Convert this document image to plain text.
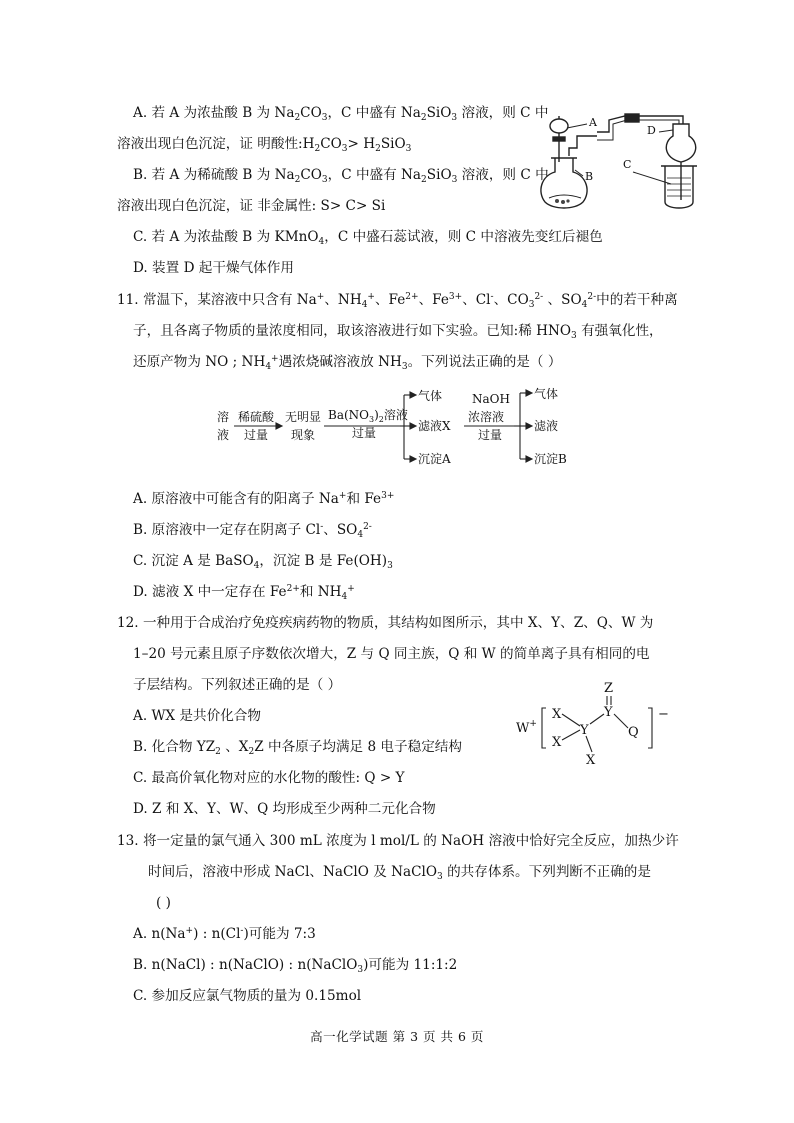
A. 若 A 为浓盐酸 B 为 $Na_2CO_3$，C 中盛有 $Na_2SiO_3$ 溶液，则 C 中
溶液出现白色沉淀，证 明酸性$:H_2CO_3> H_2SiO_3$
B. 若 A 为稀硫酸 B 为 $Na_2CO_3$，C 中盛有 $Na_2SiO_3$ 溶液，则 C 中
溶液出现白色沉淀，证 非金属性: S> C> Si
C. 若 A 为浓盐酸 B 为 KMnO$_4$，C 中盛石蕊试液，则 C 中溶液先变红后褪色
D. 装置 D 起干燥气体作用
A
B
C
D
11. 常温下，某溶液中只含有 Na+、$NH_4^+$、$Fe^{2+}$、$Fe^{3+}$、Cl-、$CO_3^{2-}$ 、$SO_4^{2-}$中的若干种离
子，且各离子物质的量浓度相同，取该溶液进行如下实验。已知:稀 $HNO_3$ 有强氧化性，
还原产物为 NO ; $NH_4^+$遇浓烧碱溶液放 $NH_3$。下列说法正确的是（ ）
溶
液
稀硫酸
过量
无明显
现象
$Ba(NO_3)_2$溶液
过量
气体
滤液X
沉淀A
NaOH
浓溶液
过量
气体
滤液
沉淀B
A. 原溶液中可能含有的阳离子 Na+和 $Fe^{3+}$
B. 原溶液中一定存在阴离子 Cl-、$SO_4^{2-}$
C. 沉淀 A 是 BaSO$_4$，沉淀 B 是 $Fe(OH)_3$
D. 滤液 X 中一定存在 $Fe^{2+}$和 $NH_4^+$
12. 一种用于合成治疗免疫疾病药物的物质，其结构如图所示，其中 X、Y、Z、Q、W 为
1–20 号元素且原子序数依次增大，Z 与 Q 同主族，Q 和 W 的简单离子具有相同的电
子层结构。下列叙述正确的是（ ）
A. WX 是共价化合物
B. 化合物 $YZ_2$ 、$X_2Z$ 中各原子均满足 8 电子稳定结构
C. 最高价氧化物对应的水化物的酸性: Q > Y
D. Z 和 X、Y、W、Q 均形成至少两种二元化合物
W+
X
X
Y
Y
Z
Q
X
−
13. 将一定量的氯气通入 300 mL 浓度为 l mol/L 的 NaOH 溶液中恰好完全反应，加热少许
时间后，溶液中形成 NaCl、NaClO 及 NaClO$_3$ 的共存体系。下列判断不正确的是
( )
A. n(Na+) : n(Cl-)可能为 7:3
B. n(NaCl) : n(NaClO) : n(NaClO$_3$)可能为 11:1:2
C. 参加反应氯气物质的量为 0.15mol
高一化学试题 第 3 页 共 6 页
